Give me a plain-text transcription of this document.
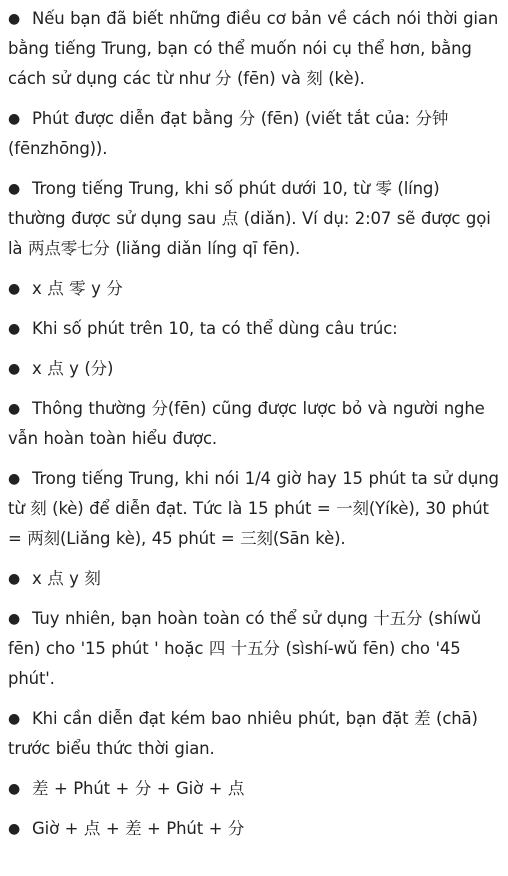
● Nếu bạn đã biết những điều cơ bản về cách nói thời gian bằng tiếng Trung, bạn có thể muốn nói cụ thể hơn, bằng cách sử dụng các từ như 分 (fēn) và 刻 (kè).
● Phút được diễn đạt bằng 分 (fēn) (viết tắt của: 分钟 (fēnzhōng)).
● Trong tiếng Trung, khi số phút dưới 10, từ 零 (líng) thường được sử dụng sau 点 (diǎn). Ví dụ: 2:07 sẽ được gọi là 两点零七分 (liǎng diǎn líng qī fēn).
● x 点 零 y 分
● Khi số phút trên 10, ta có thể dùng câu trúc:
● x 点 y (分)
● Thông thường 分(fēn) cũng được lược bỏ và người nghe vẫn hoàn toàn hiểu được.
● Trong tiếng Trung, khi nói 1/4 giờ hay 15 phút ta sử dụng từ 刻 (kè) để diễn đạt. Tức là 15 phút = 一刻(Yíkè), 30 phút = 两刻(Liǎng kè), 45 phút = 三刻(Sān kè).
● x 点 y 刻
● Tuy nhiên, bạn hoàn toàn có thể sử dụng 十五分 (shíwǔ fēn) cho '15 phút ' hoặc 四 十五分 (sìshí-wǔ fēn) cho '45 phút'.
● Khi cần diễn đạt kém bao nhiêu phút, bạn đặt 差 (chā) trước biểu thức thời gian.
● 差 + Phút + 分 + Giờ + 点
● Giờ + 点 + 差 + Phút + 分
